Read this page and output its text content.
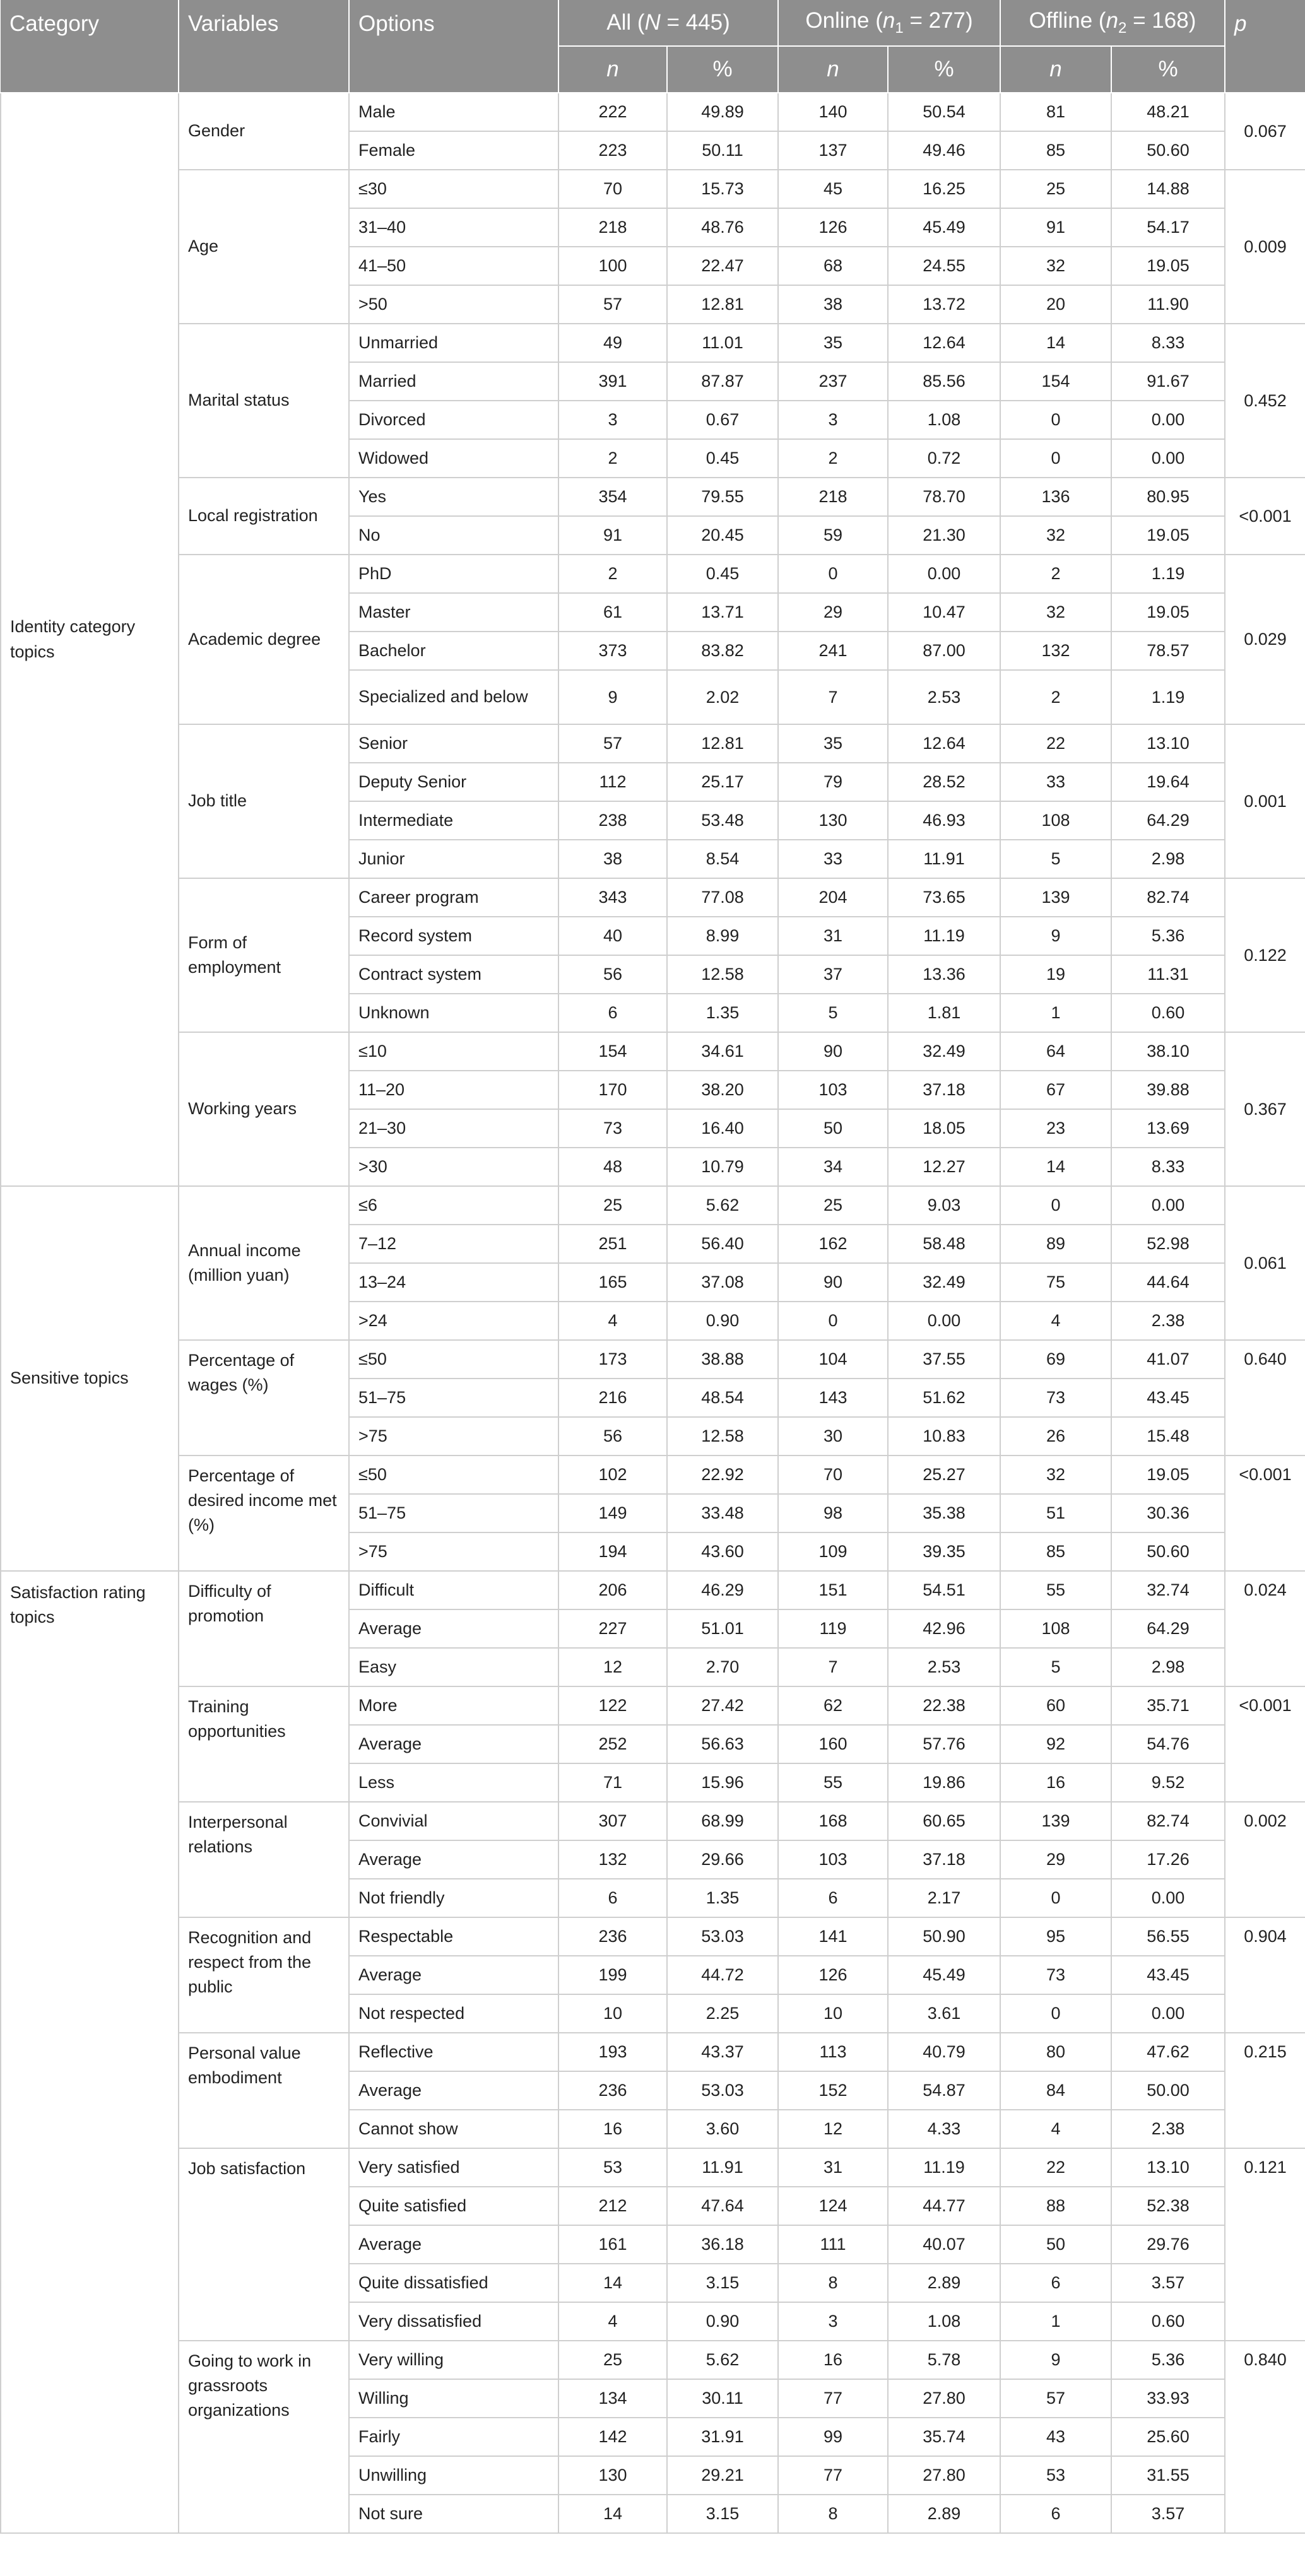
Category	Variables	Options	All (N = 445)		Online $(n_1 = 277)$		Offline $(n_2 = 168)$		p
			n	%	n	%	n	%	
Identity category topics	Gender	Male	222	49.89	140	50.54	81	48.21	0.067
		Female	223	50.11	137	49.46	85	50.60	
	Age	≤30	70	15.73	45	16.25	25	14.88	0.009
		31–40	218	48.76	126	45.49	91	54.17	
		41–50	100	22.47	68	24.55	32	19.05	
		>50	57	12.81	38	13.72	20	11.90	
	Marital status	Unmarried	49	11.01	35	12.64	14	8.33	0.452
		Married	391	87.87	237	85.56	154	91.67	
		Divorced	3	0.67	3	1.08	0	0.00	
		Widowed	2	0.45	2	0.72	0	0.00	
	Local registration	Yes	354	79.55	218	78.70	136	80.95	<0.001
		No	91	20.45	59	21.30	32	19.05	
	Academic degree	PhD	2	0.45	0	0.00	2	1.19	0.029
		Master	61	13.71	29	10.47	32	19.05	
		Bachelor	373	83.82	241	87.00	132	78.57	
		Specialized and below	9	2.02	7	2.53	2	1.19	
	Job title	Senior	57	12.81	35	12.64	22	13.10	0.001
		Deputy Senior	112	25.17	79	28.52	33	19.64	
		Intermediate	238	53.48	130	46.93	108	64.29	
		Junior	38	8.54	33	11.91	5	2.98	
	Form of employment	Career program	343	77.08	204	73.65	139	82.74	0.122
		Record system	40	8.99	31	11.19	9	5.36	
		Contract system	56	12.58	37	13.36	19	11.31	
		Unknown	6	1.35	5	1.81	1	0.60	
	Working years	≤10	154	34.61	90	32.49	64	38.10	0.367
		11–20	170	38.20	103	37.18	67	39.88	
		21–30	73	16.40	50	18.05	23	13.69	
		>30	48	10.79	34	12.27	14	8.33	
Sensitive topics	Annual income (million yuan)	≤6	25	5.62	25	9.03	0	0.00	0.061
		7–12	251	56.40	162	58.48	89	52.98	
		13–24	165	37.08	90	32.49	75	44.64	
		>24	4	0.90	0	0.00	4	2.38	
	Percentage of wages (%)	≤50	173	38.88	104	37.55	69	41.07	0.640
		51–75	216	48.54	143	51.62	73	43.45	
		>75	56	12.58	30	10.83	26	15.48	
	Percentage of desired income met (%)	≤50	102	22.92	70	25.27	32	19.05	<0.001
		51–75	149	33.48	98	35.38	51	30.36	
		>75	194	43.60	109	39.35	85	50.60	
Satisfaction rating topics	Difficulty of promotion	Difficult	206	46.29	151	54.51	55	32.74	0.024
		Average	227	51.01	119	42.96	108	64.29	
		Easy	12	2.70	7	2.53	5	2.98	
	Training opportunities	More	122	27.42	62	22.38	60	35.71	<0.001
		Average	252	56.63	160	57.76	92	54.76	
		Less	71	15.96	55	19.86	16	9.52	
	Interpersonal relations	Convivial	307	68.99	168	60.65	139	82.74	0.002
		Average	132	29.66	103	37.18	29	17.26	
		Not friendly	6	1.35	6	2.17	0	0.00	
	Recognition and respect from the public	Respectable	236	53.03	141	50.90	95	56.55	0.904
		Average	199	44.72	126	45.49	73	43.45	
		Not respected	10	2.25	10	3.61	0	0.00	
	Personal value embodiment	Reflective	193	43.37	113	40.79	80	47.62	0.215
		Average	236	53.03	152	54.87	84	50.00	
		Cannot show	16	3.60	12	4.33	4	2.38	
	Job satisfaction	Very satisfied	53	11.91	31	11.19	22	13.10	0.121
		Quite satisfied	212	47.64	124	44.77	88	52.38	
		Average	161	36.18	111	40.07	50	29.76	
		Quite dissatisfied	14	3.15	8	2.89	6	3.57	
		Very dissatisfied	4	0.90	3	1.08	1	0.60	
	Going to work in grassroots organizations	Very willing	25	5.62	16	5.78	9	5.36	0.840
		Willing	134	30.11	77	27.80	57	33.93	
		Fairly	142	31.91	99	35.74	43	25.60	
		Unwilling	130	29.21	77	27.80	53	31.55	
		Not sure	14	3.15	8	2.89	6	3.57	
